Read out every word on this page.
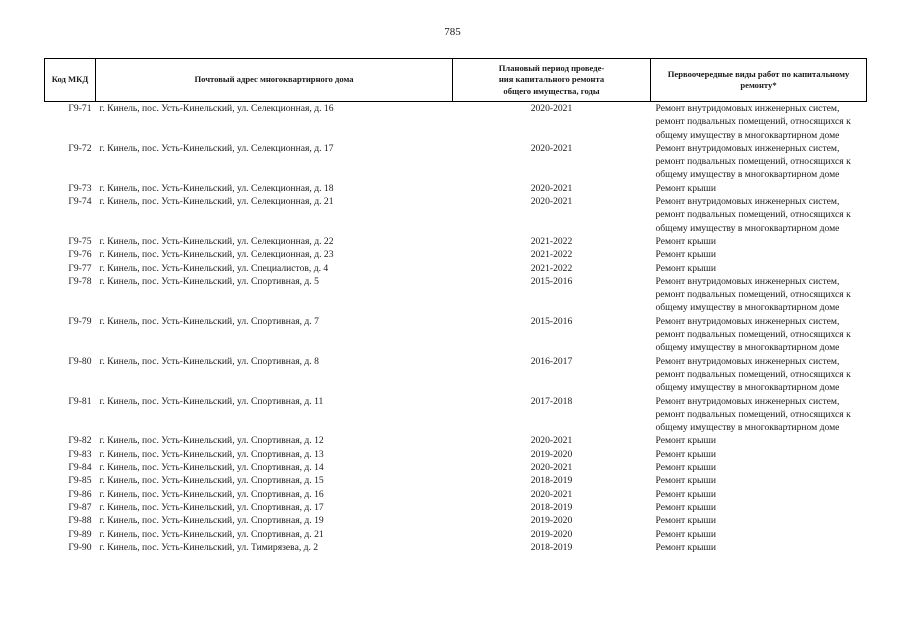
785
Код МКД	Почтовый адрес многоквартирного дома	Плановый период проведе-
ния капитального ремонта
общего имущества, годы	Первоочередные виды работ по капитальному
ремонту*

Г9-71	г. Кинель, пос. Усть-Кинельский, ул. Селекционная, д. 16	2020-2021	Ремонт внутридомовых инженерных систем,
ремонт подвальных помещений, относящихся к
общему имуществу в многоквартирном доме

Г9-72	г. Кинель, пос. Усть-Кинельский, ул. Селекционная, д. 17	2020-2021	Ремонт внутридомовых инженерных систем,
ремонт подвальных помещений, относящихся к
общему имуществу в многоквартирном доме

Г9-73	г. Кинель, пос. Усть-Кинельский, ул. Селекционная, д. 18	2020-2021	Ремонт крыши

Г9-74	г. Кинель, пос. Усть-Кинельский, ул. Селекционная, д. 21	2020-2021	Ремонт внутридомовых инженерных систем,
ремонт подвальных помещений, относящихся к
общему имуществу в многоквартирном доме

Г9-75	г. Кинель, пос. Усть-Кинельский, ул. Селекционная, д. 22	2021-2022	Ремонт крыши

Г9-76	г. Кинель, пос. Усть-Кинельский, ул. Селекционная, д. 23	2021-2022	Ремонт крыши

Г9-77	г. Кинель, пос. Усть-Кинельский, ул. Специалистов, д. 4	2021-2022	Ремонт крыши

Г9-78	г. Кинель, пос. Усть-Кинельский, ул. Спортивная, д. 5	2015-2016	Ремонт внутридомовых инженерных систем,
ремонт подвальных помещений, относящихся к
общему имуществу в многоквартирном доме

Г9-79	г. Кинель, пос. Усть-Кинельский, ул. Спортивная, д. 7	2015-2016	Ремонт внутридомовых инженерных систем,
ремонт подвальных помещений, относящихся к
общему имуществу в многоквартирном доме

Г9-80	г. Кинель, пос. Усть-Кинельский, ул. Спортивная, д. 8	2016-2017	Ремонт внутридомовых инженерных систем,
ремонт подвальных помещений, относящихся к
общему имуществу в многоквартирном доме

Г9-81	г. Кинель, пос. Усть-Кинельский, ул. Спортивная, д. 11	2017-2018	Ремонт внутридомовых инженерных систем,
ремонт подвальных помещений, относящихся к
общему имуществу в многоквартирном доме

Г9-82	г. Кинель, пос. Усть-Кинельский, ул. Спортивная, д. 12	2020-2021	Ремонт крыши

Г9-83	г. Кинель, пос. Усть-Кинельский, ул. Спортивная, д. 13	2019-2020	Ремонт крыши

Г9-84	г. Кинель, пос. Усть-Кинельский, ул. Спортивная, д. 14	2020-2021	Ремонт крыши

Г9-85	г. Кинель, пос. Усть-Кинельский, ул. Спортивная, д. 15	2018-2019	Ремонт крыши

Г9-86	г. Кинель, пос. Усть-Кинельский, ул. Спортивная, д. 16	2020-2021	Ремонт крыши

Г9-87	г. Кинель, пос. Усть-Кинельский, ул. Спортивная, д. 17	2018-2019	Ремонт крыши

Г9-88	г. Кинель, пос. Усть-Кинельский, ул. Спортивная, д. 19	2019-2020	Ремонт крыши

Г9-89	г. Кинель, пос. Усть-Кинельский, ул. Спортивная, д. 21	2019-2020	Ремонт крыши

Г9-90	г. Кинель, пос. Усть-Кинельский, ул. Тимирязева, д. 2	2018-2019	Ремонт крыши
